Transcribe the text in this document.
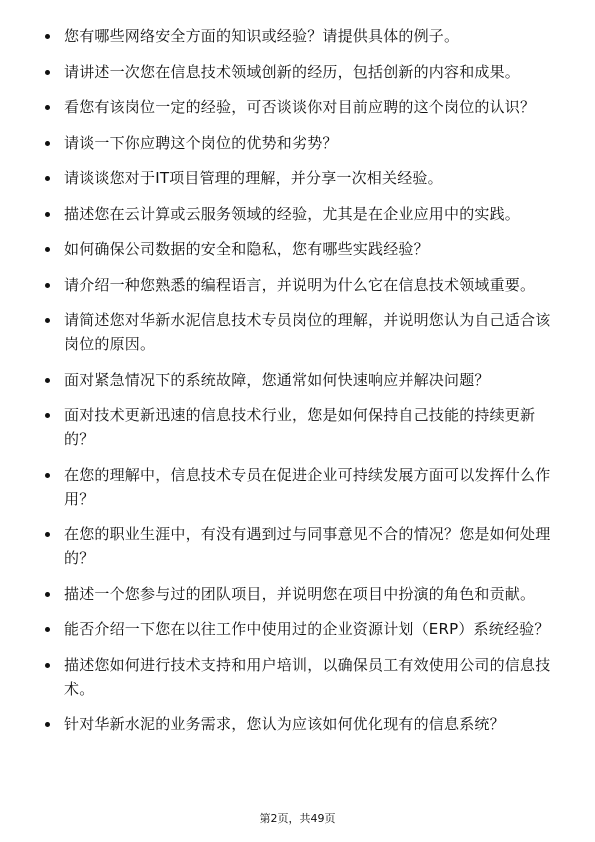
您有哪些网络安全方面的知识或经验？请提供具体的例子。
请讲述一次您在信息技术领域创新的经历，包括创新的内容和成果。
看您有该岗位一定的经验，可否谈谈你对目前应聘的这个岗位的认识？
请谈一下你应聘这个岗位的优势和劣势？
请谈谈您对于IT项目管理的理解，并分享一次相关经验。
描述您在云计算或云服务领域的经验，尤其是在企业应用中的实践。
如何确保公司数据的安全和隐私，您有哪些实践经验？
请介绍一种您熟悉的编程语言，并说明为什么它在信息技术领域重要。
请简述您对华新水泥信息技术专员岗位的理解，并说明您认为自己适合该岗位的原因。
面对紧急情况下的系统故障，您通常如何快速响应并解决问题？
面对技术更新迅速的信息技术行业，您是如何保持自己技能的持续更新的？
在您的理解中，信息技术专员在促进企业可持续发展方面可以发挥什么作用？
在您的职业生涯中，有没有遇到过与同事意见不合的情况？您是如何处理的？
描述一个您参与过的团队项目，并说明您在项目中扮演的角色和贡献。
能否介绍一下您在以往工作中使用过的企业资源计划（ERP）系统经验？
描述您如何进行技术支持和用户培训，以确保员工有效使用公司的信息技术。
针对华新水泥的业务需求，您认为应该如何优化现有的信息系统？
第2页，共49页
